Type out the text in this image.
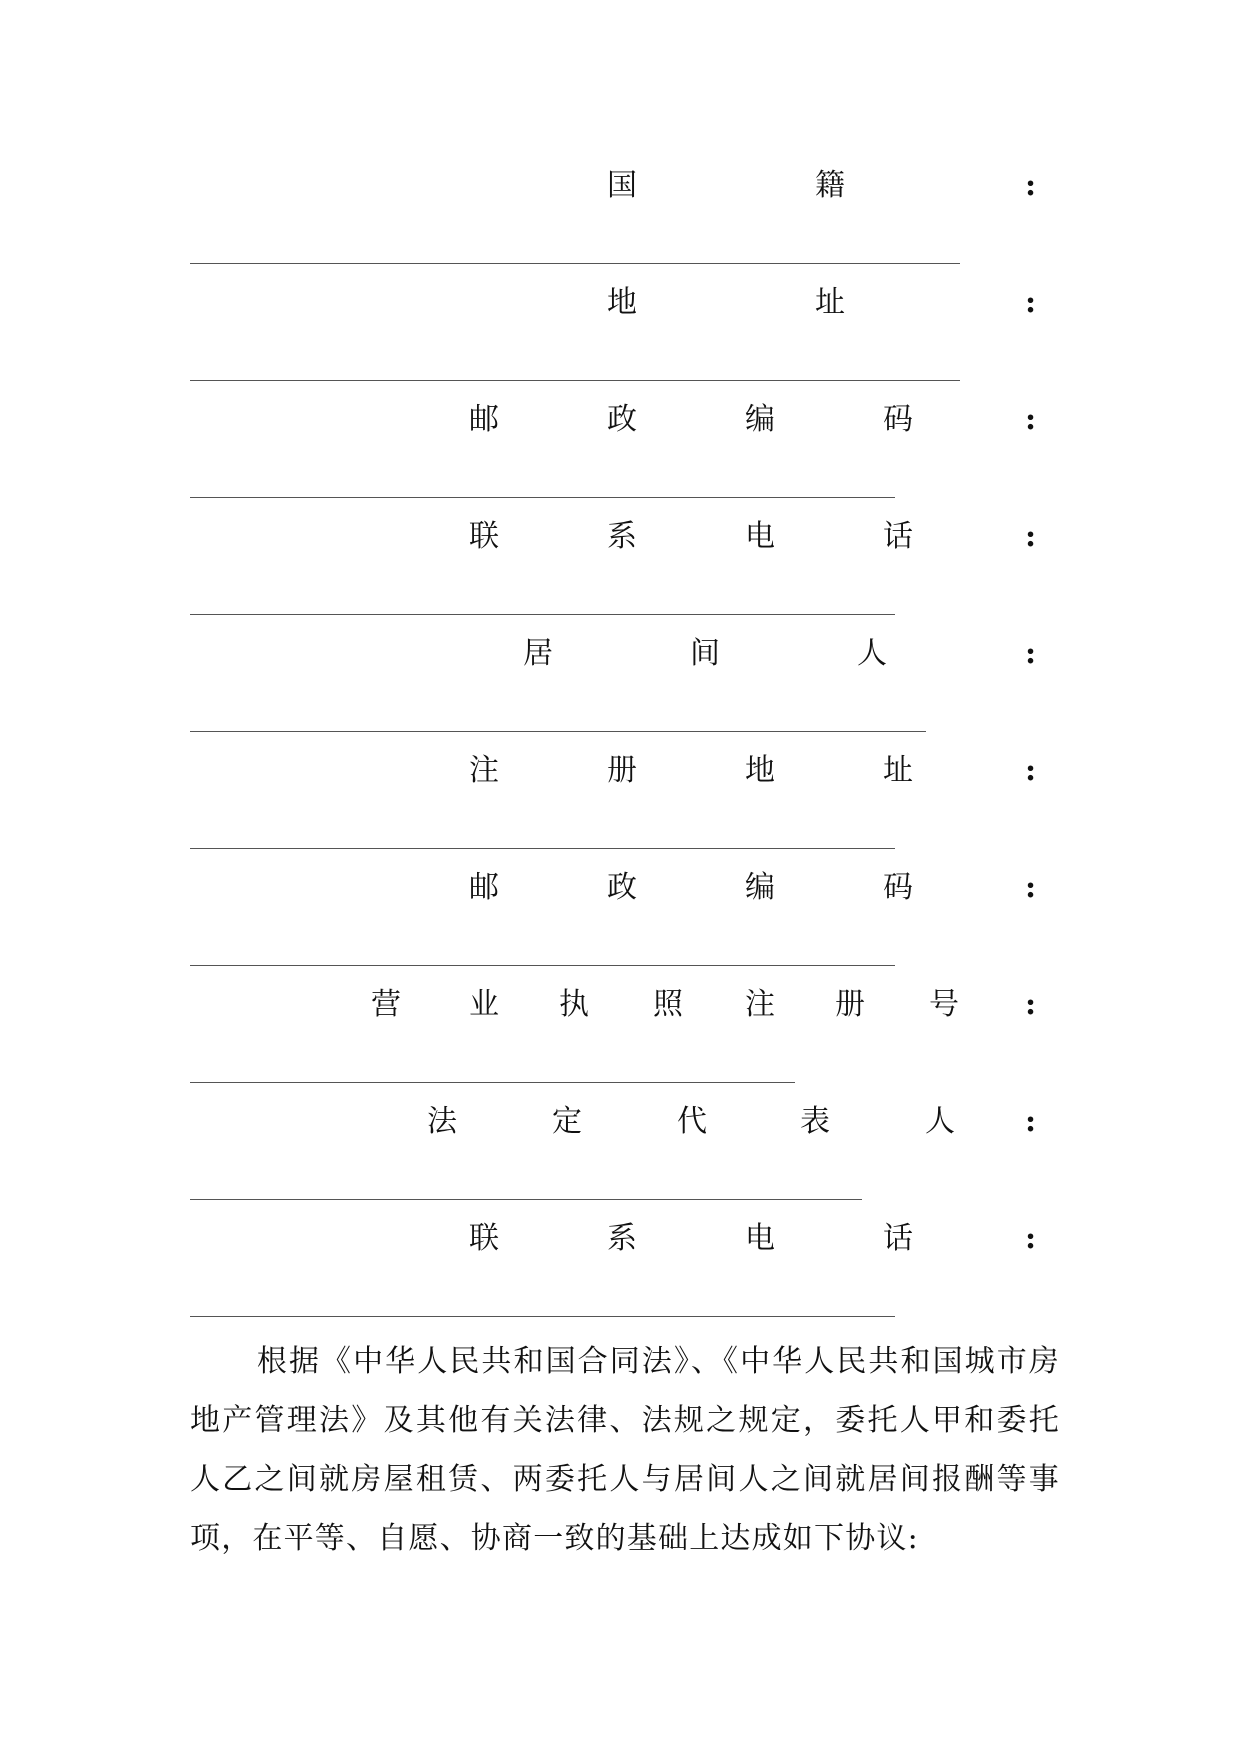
国	籍	:
地	址	:
邮	政	编	码	:
联	系	电	话	:
居	间	人	:
注	册	地	址	:
邮	政	编	码	:
营 业 执 照 注 册 号 :
法	定	代	表	人 :
联	系	电	话	:

根据《中华人民共和国合同法》、《中华人民共和国城市房地产管理法》及其他有关法律、法规之规定，委托人甲和委托人乙之间就房屋租赁、两委托人与居间人之间就居间报酬等事项，在平等、自愿、协商一致的基础上达成如下协议:
